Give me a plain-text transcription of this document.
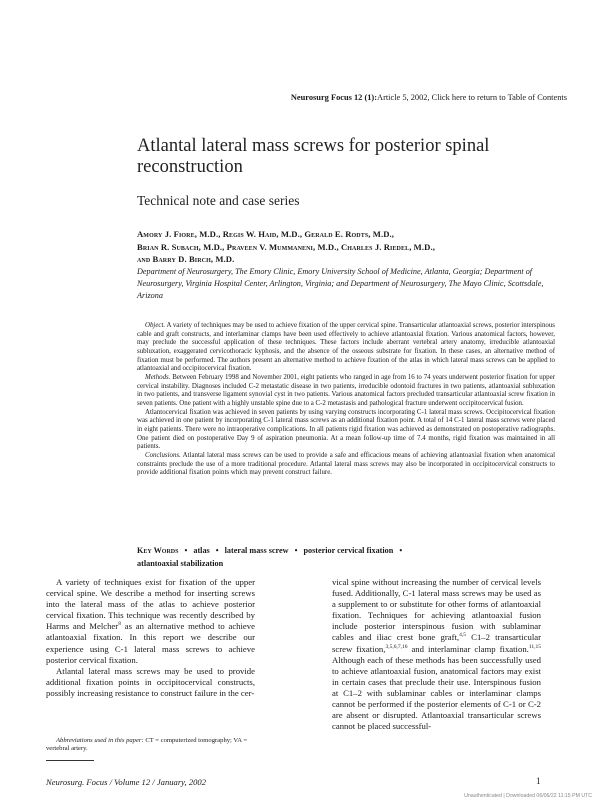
Neurosurg Focus 12 (1):Article 5, 2002, Click here to return to Table of Contents
Atlantal lateral mass screws for posterior spinal reconstruction
Technical note and case series
Amory J. Fiore, M.D., Regis W. Haid, M.D., Gerald E. Rodts, M.D.,
Brian R. Subach, M.D., Praveen V. Mummaneni, M.D., Charles J. Riedel, M.D.,
and Barry D. Birch, M.D.
Department of Neurosurgery, The Emory Clinic, Emory University School of Medicine, Atlanta, Georgia; Department of Neurosurgery, Virginia Hospital Center, Arlington, Virginia; and Department of Neurosurgery, The Mayo Clinic, Scottsdale, Arizona

Object. A variety of techniques may be used to achieve fixation of the upper cervical spine. Transarticular atlantoaxial screws, posterior interspinous cable and graft constructs, and interlaminar clamps have been used effectively to achieve atlantoaxial fixation. Various anatomical factors, however, may preclude the successful application of these techniques. These factors include aberrant vertebral artery anatomy, irreducible atlantoaxial subluxation, exaggerated cervicothoracic kyphosis, and the absence of the osseous substrate for fixation. In these cases, an alternative method of fixation must be performed. The authors present an alternative method to achieve fixation of the atlas in which lateral mass screws can be applied to atlantoaxial and occipitocervical fixation.

Methods. Between February 1998 and November 2001, eight patients who ranged in age from 16 to 74 years underwent posterior fixation for upper cervical instability. Diagnoses included C-2 metastatic disease in two patients, irreducible odontoid fractures in two patients, atlantoaxial subluxation in two patients, and transverse ligament synovial cyst in two patients. Various anatomical factors precluded transarticular atlantoaxial screw fixation in seven patients. One patient with a highly unstable spine due to a C-2 metastasis and pathological fracture underwent occipitocervical fusion.

Atlantocervical fixation was achieved in seven patients by using varying constructs incorporating C-1 lateral mass screws. Occipitocervical fixation was achieved in one patient by incorporating C-1 lateral mass screws as an additional fixation point. A total of 14 C-1 lateral mass screws were placed in eight patients. There were no intraoperative complications. In all patients rigid fixation was achieved as demonstrated on postoperative radiographs. One patient died on postoperative Day 9 of aspiration pneumonia. At a mean follow-up time of 7.4 months, rigid fixation was maintained in all patients.

Conclusions. Atlantal lateral mass screws can be used to provide a safe and efficacious means of achieving atlantoaxial fixation when anatomical constraints preclude the use of a more traditional procedure. Atlantal lateral mass screws may also be incorporated in occipitocervical constructs to provide additional fixation points which may prevent construct failure.

Key Words • atlas • lateral mass screw • posterior cervical fixation •
atlantoaxial stabilization

A variety of techniques exist for fixation of the upper cervical spine. We describe a method for inserting screws into the lateral mass of the atlas to achieve posterior cervical fixation. This technique was recently described by Harms and Melcher$^8$ as an alternative method to achieve atlantoaxial fixation. In this report we describe our experience using C-1 lateral mass screws to achieve posterior cervical fixation.

Atlantal lateral mass screws may be used to provide additional fixation points in occipitocervical constructs, possibly increasing resistance to construct failure in the cer-

vical spine without increasing the number of cervical levels fused. Additionally, C-1 lateral mass screws may be used as a supplement to or substitute for other forms of atlantoaxial fixation. Techniques for achieving atlantoaxial fusion include posterior interspinous fusion with sublaminar cables and iliac crest bone graft,$^{4,5}$ C1–2 transarticular screw fixation,$^{3,5,6,7,16}$ and interlaminar clamp fixation.$^{11,15}$ Although each of these methods has been successfully used to achieve atlantoaxial fusion, anatomical factors may exist in certain cases that preclude their use. Interspinous fusion at C1–2 with sublaminar cables or interlaminar clamps cannot be performed if the posterior elements of C-1 or C-2 are absent or disrupted. Atlantoaxial transarticular screws cannot be placed successful-

Abbreviations used in this paper: CT = computerized tomography; VA = vertebral artery.
Neurosurg. Focus / Volume 12 / January, 2002	1
Unauthenticated | Downloaded 06/06/22 11:15 PM UTC
